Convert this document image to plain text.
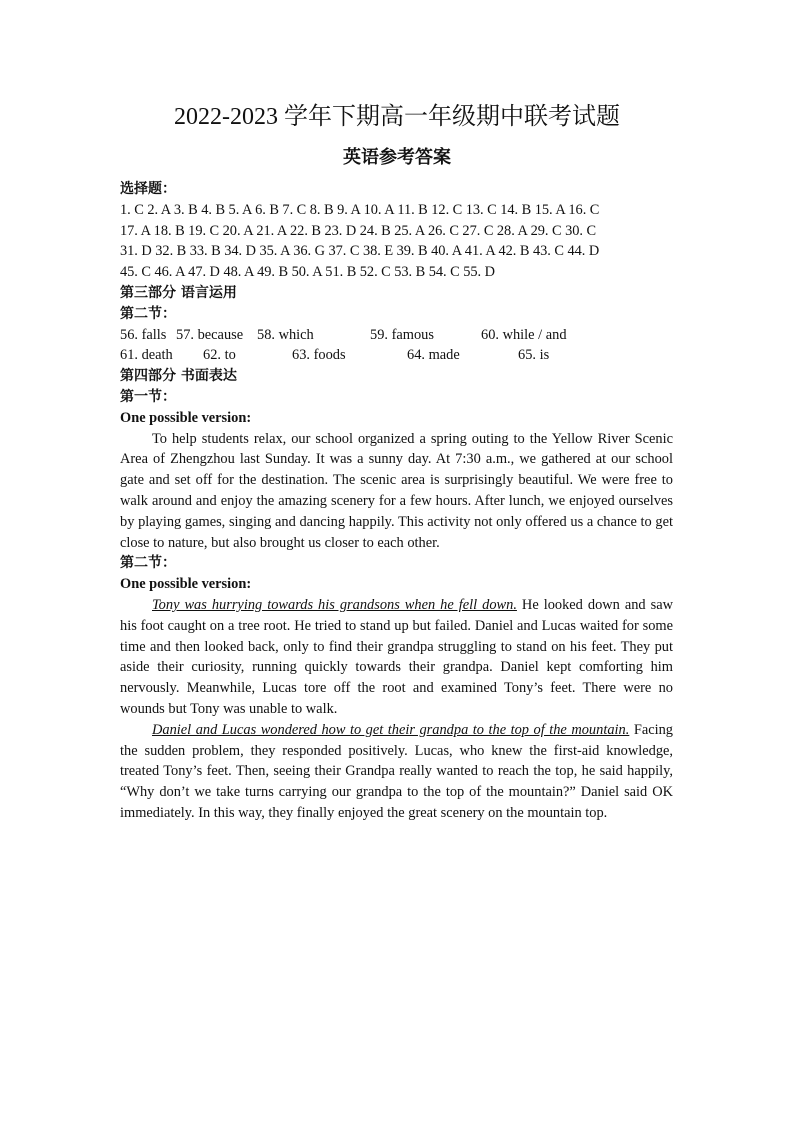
2022-2023 学年下期高一年级期中联考试题
英语参考答案
选择题：
1. C 2. A 3. B 4. B 5. A 6. B 7. C 8. B 9. A 10. A 11. B 12. C 13. C 14. B 15. A 16. C
17. A 18. B 19. C 20. A 21. A 22. B 23. D 24. B 25. A 26. C 27. C 28. A 29. C 30. C
31. D 32. B 33. B 34. D 35. A 36. G 37. C 38. E 39. B 40. A 41. A 42. B 43. C 44. D
45. C 46. A 47. D 48. A 49. B 50. A 51. B 52. C 53. B 54. C 55. D
第三部分 语言运用
第二节：
56. falls 57. because 58. which	59. famous	60. while / and
61. death 62. to	63. foods	64. made	65. is
第四部分 书面表达
第一节：
One possible version:

To help students relax, our school organized a spring outing to the Yellow River Scenic Area of Zhengzhou last Sunday. It was a sunny day. At 7:30 a.m., we gathered at our school gate and set off for the destination. The scenic area is surprisingly beautiful. We were free to walk around and enjoy the amazing scenery for a few hours. After lunch, we enjoyed ourselves by playing games, singing and dancing happily. This activity not only offered us a chance to get close to nature, but also brought us closer to each other.

第二节：
One possible version:

Tony was hurrying towards his grandsons when he fell down. He looked down and saw his foot caught on a tree root. He tried to stand up but failed. Daniel and Lucas waited for some time and then looked back, only to find their grandpa struggling to stand on his feet. They put aside their curiosity, running quickly towards their grandpa. Daniel kept comforting him nervously. Meanwhile, Lucas tore off the root and examined Tony’s feet. There were no wounds but Tony was unable to walk.

Daniel and Lucas wondered how to get their grandpa to the top of the mountain. Facing the sudden problem, they responded positively. Lucas, who knew the first-aid knowledge, treated Tony’s feet. Then, seeing their Grandpa really wanted to reach the top, he said happily, “Why don’t we take turns carrying our grandpa to the top of the mountain?” Daniel said OK immediately. In this way, they finally enjoyed the great scenery on the mountain top.
